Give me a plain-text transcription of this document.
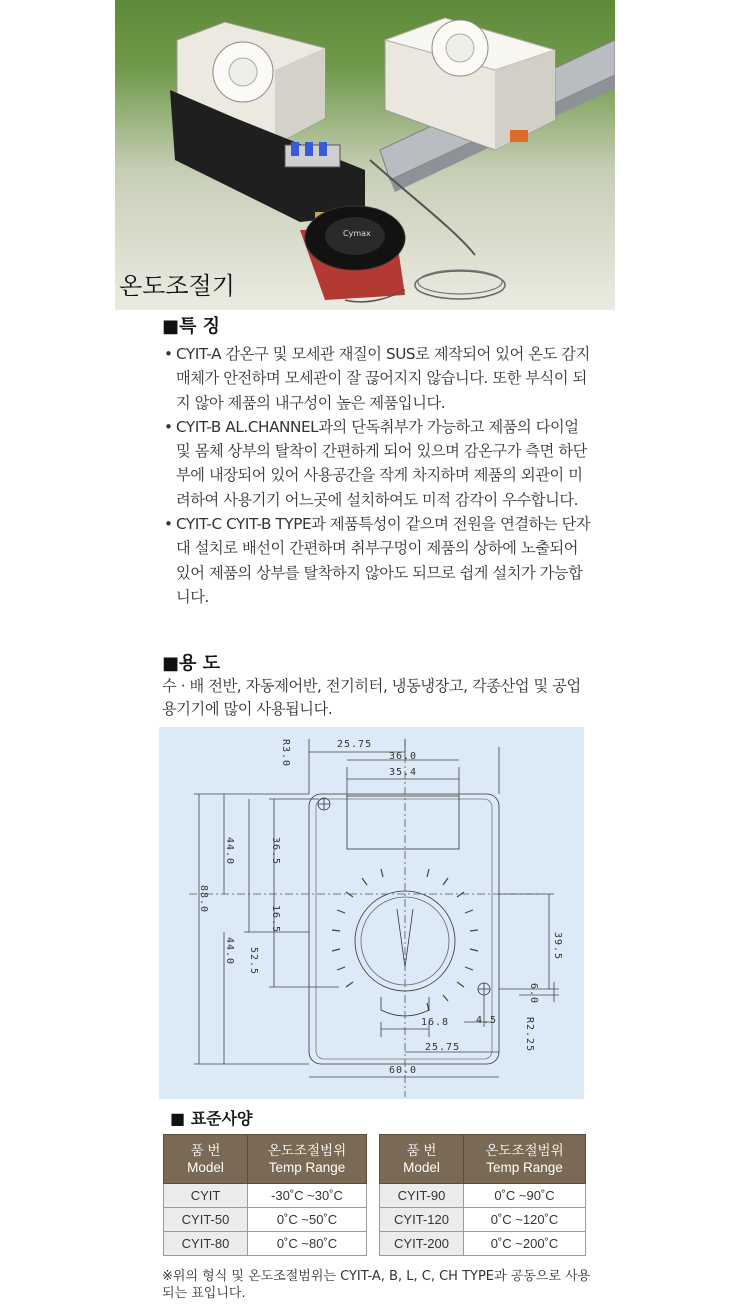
Cymax
온도조절기
■특 징
• CYIT-A 감온구 및 모세관 재질이 SUS로 제작되어 있어 온도 감지 매체가 안전하며 모세관이 잘 끊어지지 않습니다. 또한 부식이 되지 않아 제품의 내구성이 높은 제품입니다.
• CYIT-B AL.CHANNEL과의 단독취부가 가능하고 제품의 다이얼 및 몸체 상부의 탈착이 간편하게 되어 있으며 감온구가 측면 하단부에 내장되어 있어 사용공간을 작게 차지하며 제품의 외관이 미려하여 사용기기 어느곳에 설치하여도 미적 감각이 우수합니다.
• CYIT-C CYIT-B TYPE과 제품특성이 같으며 전원을 연결하는 단자대 설치로 배선이 간편하며 취부구멍이 제품의 상하에 노출되어 있어 제품의 상부를 탈착하지 않아도 되므로 쉽게 설치가 가능합니다.
■용 도
수 · 배 전반, 자동제어반, 전기히터, 냉동냉장고, 각종산업 및 공업용기기에 많이 사용됩니다.
25.75
36.0
35.4
16.8	4.5
25.75
60.0
R3.0
44.0	36.5
88.0
16.5
44.0 52.5
39.5
6.0
R2.25
■ 표준사양
품 번
Model	온도조절범위
Temp Range
CYIT	-30˚C ~30˚C
CYIT-50	0˚C ~50˚C
CYIT-80	0˚C ~80˚C
품 번
Model	온도조절범위
Temp Range
CYIT-90	0˚C ~90˚C
CYIT-120	0˚C ~120˚C
CYIT-200	0˚C ~200˚C
※위의 형식 및 온도조절범위는 CYIT-A, B, L, C, CH TYPE과 공동으로 사용되는 표입니다.
